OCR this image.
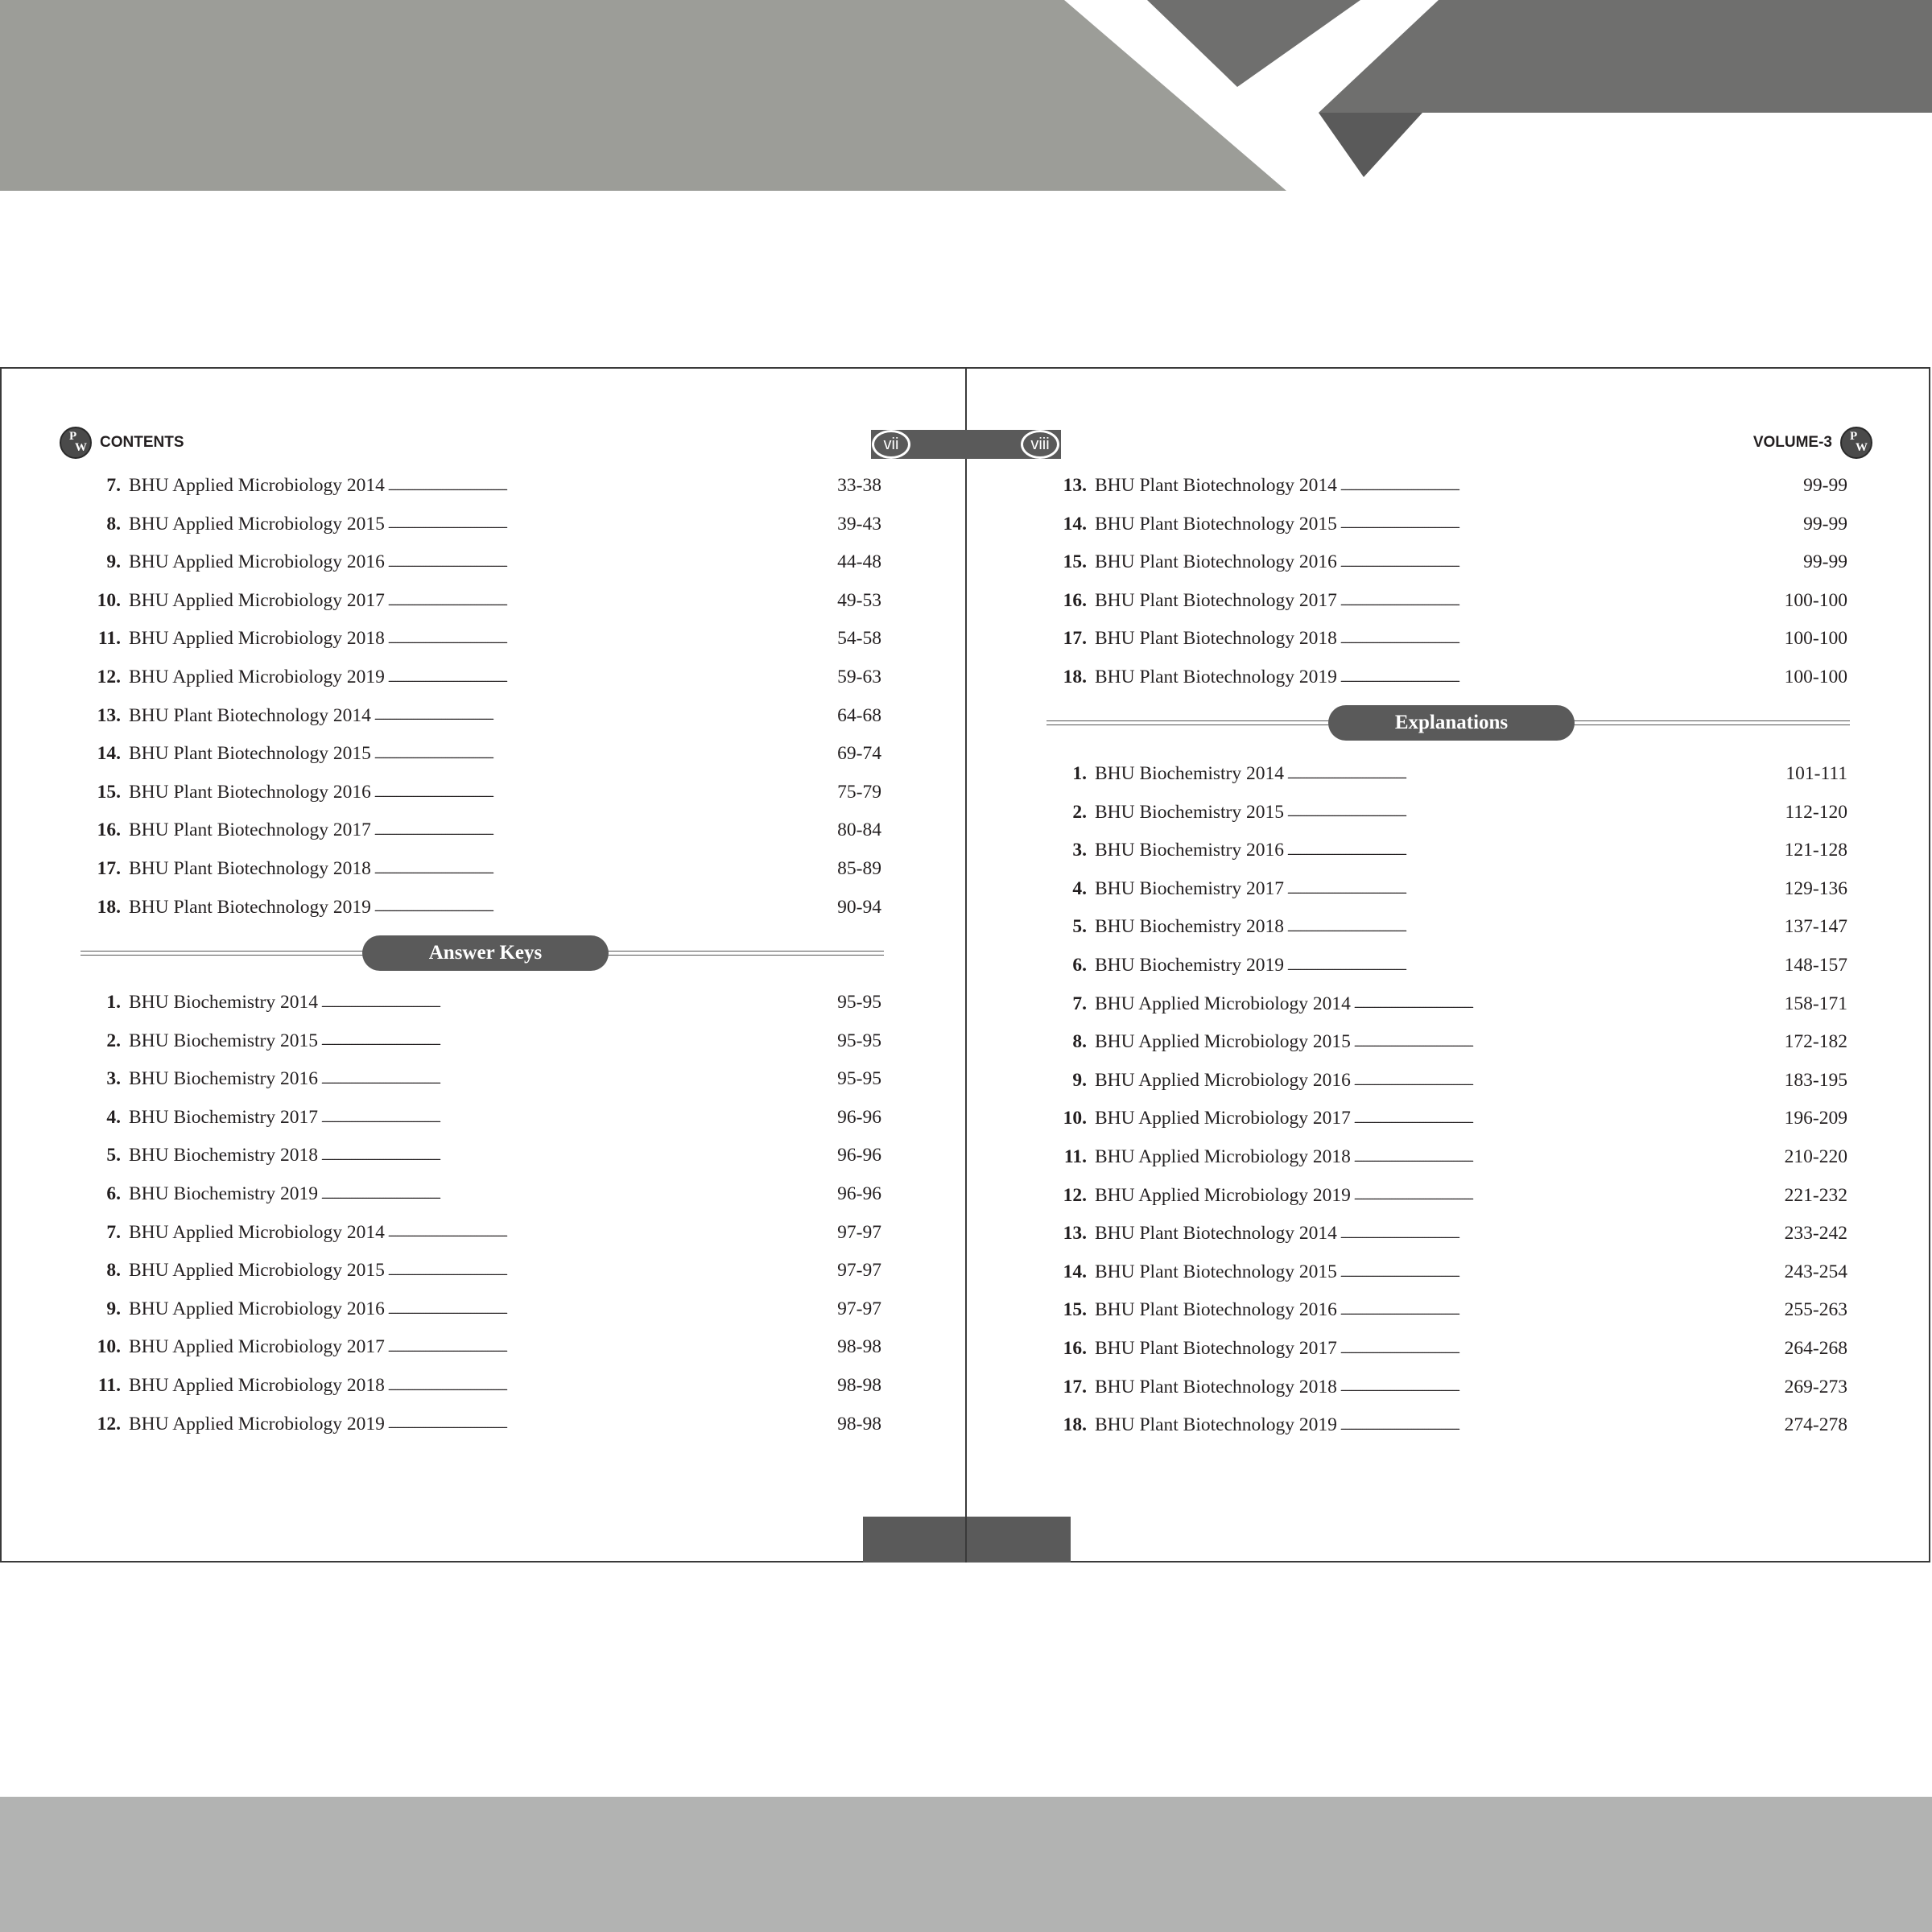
vii	viii
P
W CONTENTS	VOLUME-3 P
W
Answer Keys
Explanations
7. BHU Applied Microbiology 2014 . . .	33-38
8. BHU Applied Microbiology 2015 . . .	39-43
9. BHU Applied Microbiology 2016 . . .	44-48
10. BHU Applied Microbiology 2017 . . .	49-53
11. BHU Applied Microbiology 2018 . . .	54-58
12. BHU Applied Microbiology 2019 . . .	59-63
13. BHU Plant Biotechnology 2014 . . .	64-68
14. BHU Plant Biotechnology 2015 . . .	69-74
15. BHU Plant Biotechnology 2016 . . .	75-79
16. BHU Plant Biotechnology 2017 . . .	80-84
17. BHU Plant Biotechnology 2018 . . .	85-89
18. BHU Plant Biotechnology 2019 . . .	90-94
1. BHU Biochemistry 2014 . . .	95-95
2. BHU Biochemistry 2015 . . .	95-95
3. BHU Biochemistry 2016 . . .	95-95
4. BHU Biochemistry 2017 . . .	96-96
5. BHU Biochemistry 2018 . . .	96-96
6. BHU Biochemistry 2019 . . .	96-96
7. BHU Applied Microbiology 2014 . . .	97-97
8. BHU Applied Microbiology 2015 . . .	97-97
9. BHU Applied Microbiology 2016 . . .	97-97
10. BHU Applied Microbiology 2017 . . .	98-98
11. BHU Applied Microbiology 2018 . . .	98-98
12. BHU Applied Microbiology 2019 . . .	98-98
13. BHU Plant Biotechnology 2014 . . .	99-99
14. BHU Plant Biotechnology 2015 . . .	99-99
15. BHU Plant Biotechnology 2016 . . .	99-99
16. BHU Plant Biotechnology 2017 . . .	100-100
17. BHU Plant Biotechnology 2018 . . .	100-100
18. BHU Plant Biotechnology 2019 . . .	100-100
1. BHU Biochemistry 2014 . . .	101-111
2. BHU Biochemistry 2015 . . .	112-120
3. BHU Biochemistry 2016 . . .	121-128
4. BHU Biochemistry 2017 . . .	129-136
5. BHU Biochemistry 2018 . . .	137-147
6. BHU Biochemistry 2019 . . .	148-157
7. BHU Applied Microbiology 2014 . . .	158-171
8. BHU Applied Microbiology 2015 . . .	172-182
9. BHU Applied Microbiology 2016 . . .	183-195
10. BHU Applied Microbiology 2017 . . .	196-209
11. BHU Applied Microbiology 2018 . . .	210-220
12. BHU Applied Microbiology 2019 . . .	221-232
13. BHU Plant Biotechnology 2014 . . .	233-242
14. BHU Plant Biotechnology 2015 . . .	243-254
15. BHU Plant Biotechnology 2016 . . .	255-263
16. BHU Plant Biotechnology 2017 . . .	264-268
17. BHU Plant Biotechnology 2018 . . .	269-273
18. BHU Plant Biotechnology 2019 . . .	274-278
